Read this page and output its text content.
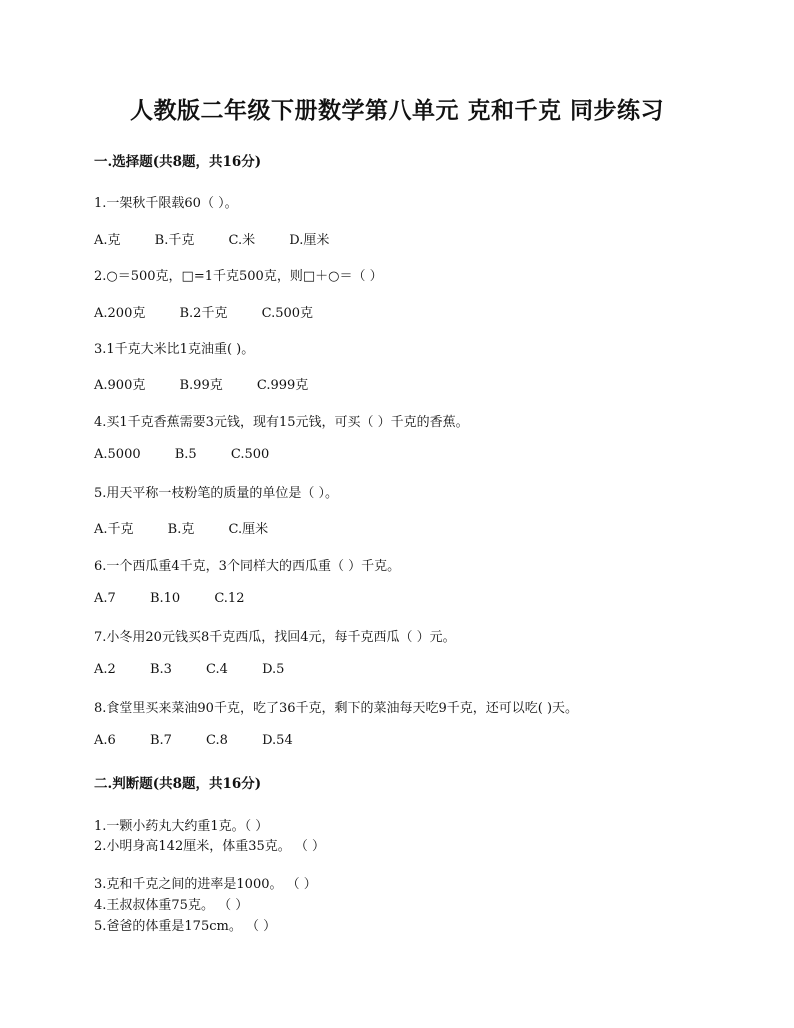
人教版二年级下册数学第八单元 克和千克 同步练习
一.选择题(共8题，共16分)
1.一架秋千限载60（ ）。
A.克	B.千克	C.米	D.厘米
2.○＝500克，□=1千克500克，则□＋○＝（ ）
A.200克	B.2千克	C.500克
3.1千克大米比1克油重( )。
A.900克	B.99克	C.999克
4.买1千克香蕉需要3元钱，现有15元钱，可买（ ）千克的香蕉。
A.5000	B.5	C.500
5.用天平称一枝粉笔的质量的单位是（ ）。
A.千克	B.克	C.厘米
6.一个西瓜重4千克，3个同样大的西瓜重（ ）千克。
A.7	B.10	C.12
7.小冬用20元钱买8千克西瓜，找回4元，每千克西瓜（ ）元。
A.2	B.3	C.4	D.5
8.食堂里买来菜油90千克，吃了36千克，剩下的菜油每天吃9千克，还可以吃( )天。
A.6	B.7	C.8	D.54
二.判断题(共8题，共16分)
1.一颗小药丸大约重1克。（ ）
2.小明身高142厘米，体重35克。 （ ）
3.克和千克之间的进率是1000。 （ ）
4.王叔叔体重75克。 （ ）
5.爸爸的体重是175cm。 （ ）
